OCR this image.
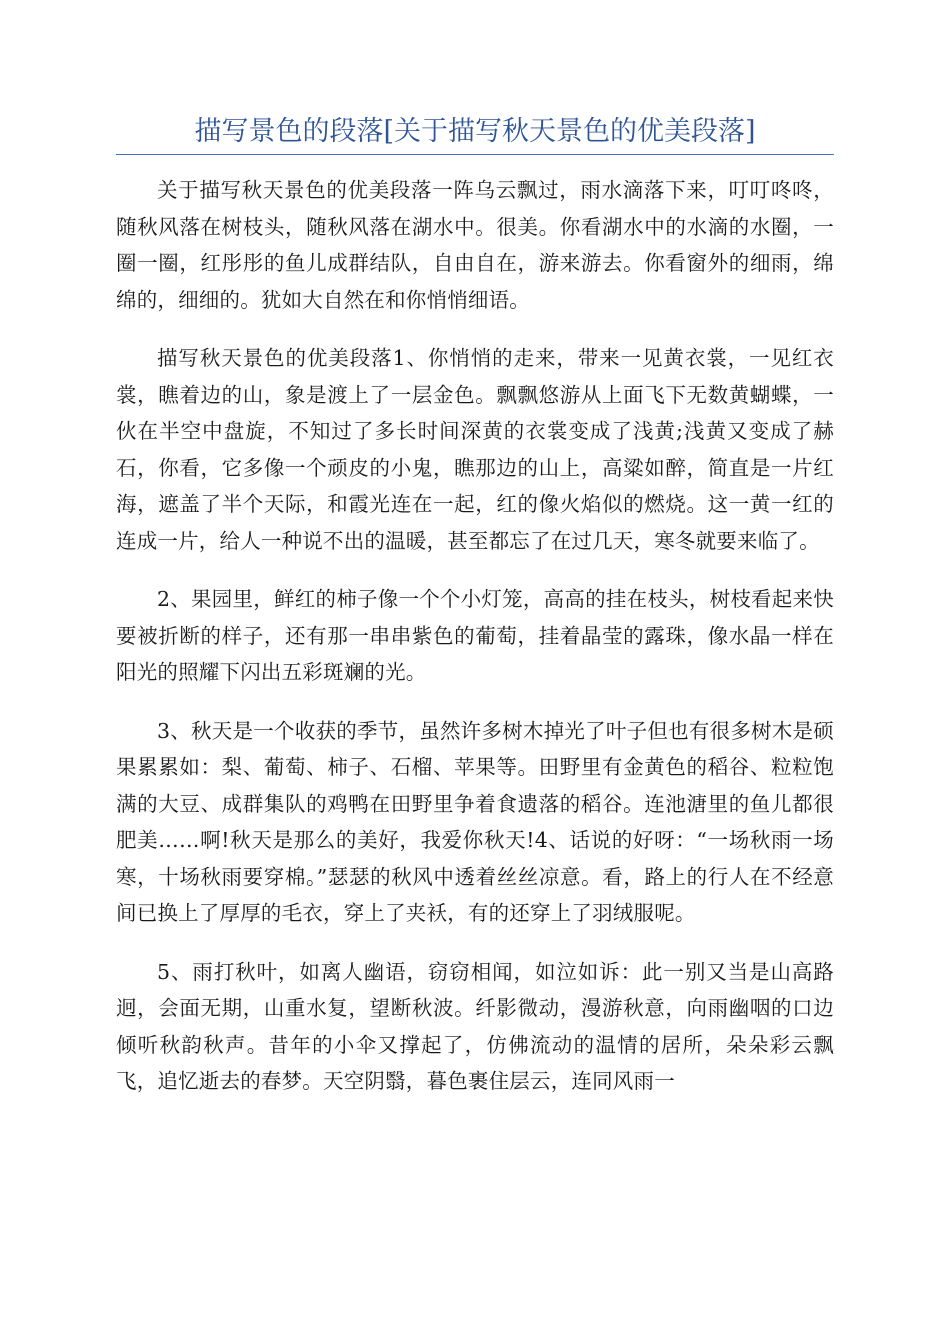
描写景色的段落[关于描写秋天景色的优美段落]

关于描写秋天景色的优美段落一阵乌云飘过，雨水滴落下来，叮叮咚咚，随秋风落在树枝头，随秋风落在湖水中。很美。你看湖水中的水滴的水圈，一圈一圈，红彤彤的鱼儿成群结队，自由自在，游来游去。你看窗外的细雨，绵绵的，细细的。犹如大自然在和你悄悄细语。

描写秋天景色的优美段落1、你悄悄的走来，带来一见黄衣裳，一见红衣裳，瞧着边的山，象是渡上了一层金色。飘飘悠游从上面飞下无数黄蝴蝶，一伙在半空中盘旋，不知过了多长时间深黄的衣裳变成了浅黄;浅黄又变成了赫石，你看，它多像一个顽皮的小鬼，瞧那边的山上，高粱如醉，简直是一片红海，遮盖了半个天际，和霞光连在一起，红的像火焰似的燃烧。这一黄一红的连成一片，给人一种说不出的温暖，甚至都忘了在过几天，寒冬就要来临了。

2、果园里，鲜红的柿子像一个个小灯笼，高高的挂在枝头，树枝看起来快要被折断的样子，还有那一串串紫色的葡萄，挂着晶莹的露珠，像水晶一样在阳光的照耀下闪出五彩斑斓的光。

3、秋天是一个收获的季节，虽然许多树木掉光了叶子但也有很多树木是硕果累累如：梨、葡萄、柿子、石榴、苹果等。田野里有金黄色的稻谷、粒粒饱满的大豆、成群集队的鸡鸭在田野里争着食遗落的稻谷。连池溏里的鱼儿都很肥美……啊!秋天是那么的美好，我爱你秋天!4、话说的好呀：“一场秋雨一场寒，十场秋雨要穿棉。”瑟瑟的秋风中透着丝丝凉意。看，路上的行人在不经意间已换上了厚厚的毛衣，穿上了夹袄，有的还穿上了羽绒服呢。

5、雨打秋叶，如离人幽语，窃窃相闻，如泣如诉：此一别又当是山高路迥，会面无期，山重水复，望断秋波。纤影微动，漫游秋意，向雨幽咽的口边倾听秋韵秋声。昔年的小伞又撑起了，仿佛流动的温情的居所，朵朵彩云飘飞，追忆逝去的春梦。天空阴翳，暮色裹住层云，连同风雨一
